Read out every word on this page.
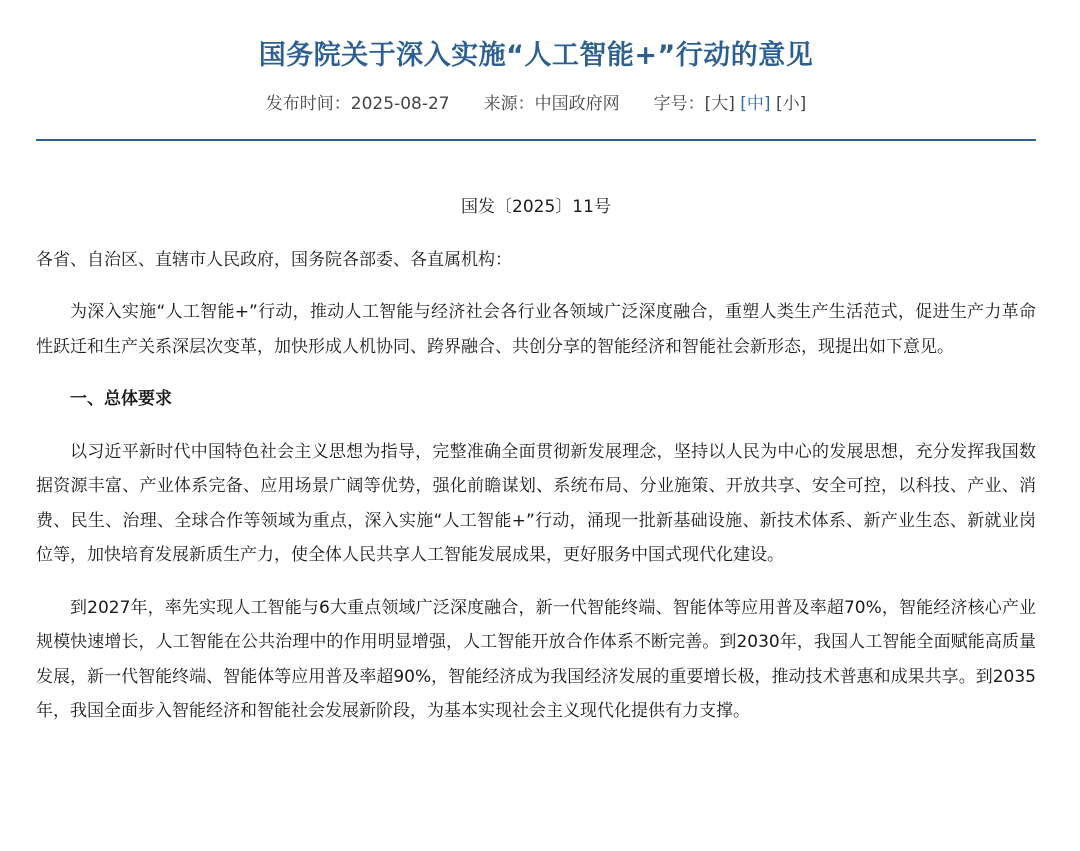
国务院关于深入实施“人工智能+”行动的意见
发布时间：2025-08-27 来源：中国政府网 字号：[大] [中] [小]

国发〔2025〕11号

各省、自治区、直辖市人民政府，国务院各部委、各直属机构：

为深入实施“人工智能+”行动，推动人工智能与经济社会各行业各领域广泛深度融合，重塑人类生产生活范式，促进生产力革命性跃迁和生产关系深层次变革，加快形成人机协同、跨界融合、共创分享的智能经济和智能社会新形态，现提出如下意见。

一、总体要求

以习近平新时代中国特色社会主义思想为指导，完整准确全面贯彻新发展理念，坚持以人民为中心的发展思想，充分发挥我国数据资源丰富、产业体系完备、应用场景广阔等优势，强化前瞻谋划、系统布局、分业施策、开放共享、安全可控，以科技、产业、消费、民生、治理、全球合作等领域为重点，深入实施“人工智能+”行动，涌现一批新基础设施、新技术体系、新产业生态、新就业岗位等，加快培育发展新质生产力，使全体人民共享人工智能发展成果，更好服务中国式现代化建设。

到2027年，率先实现人工智能与6大重点领域广泛深度融合，新一代智能终端、智能体等应用普及率超70%，智能经济核心产业规模快速增长，人工智能在公共治理中的作用明显增强，人工智能开放合作体系不断完善。到2030年，我国人工智能全面赋能高质量发展，新一代智能终端、智能体等应用普及率超90%，智能经济成为我国经济发展的重要增长极，推动技术普惠和成果共享。到2035年，我国全面步入智能经济和智能社会发展新阶段，为基本实现社会主义现代化提供有力支撑。
